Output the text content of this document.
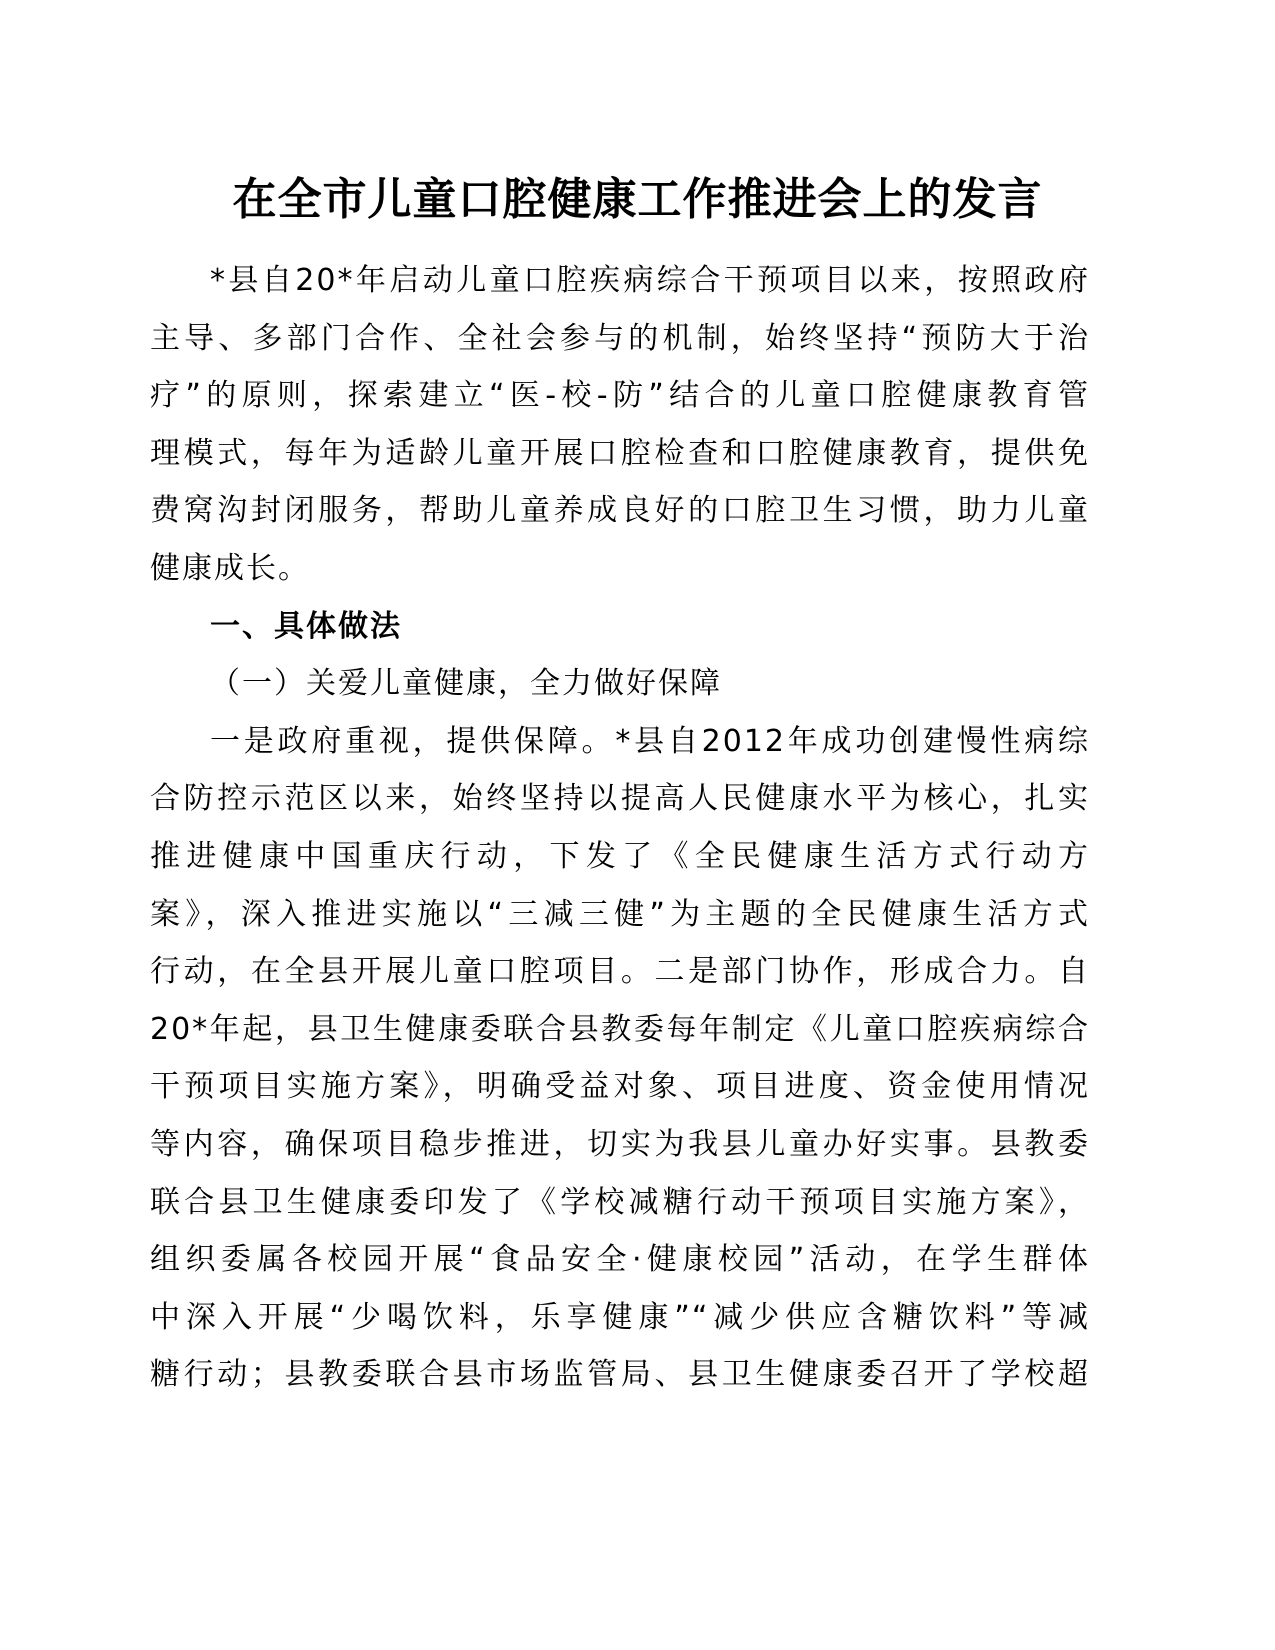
在全市儿童口腔健康工作推进会上的发言

*县自20*年启动儿童口腔疾病综合干预项目以来，按照政府
主导、多部门合作、全社会参与的机制，始终坚持“预防大于治
疗”的原则，探索建立“医-校-防”结合的儿童口腔健康教育管
理模式，每年为适龄儿童开展口腔检查和口腔健康教育，提供免
费窝沟封闭服务，帮助儿童养成良好的口腔卫生习惯，助力儿童
健康成长。

一、具体做法

（一）关爱儿童健康，全力做好保障

一是政府重视，提供保障。*县自2012年成功创建慢性病综
合防控示范区以来，始终坚持以提高人民健康水平为核心，扎实
推进健康中国重庆行动，下发了《全民健康生活方式行动方
案》，深入推进实施以“三减三健”为主题的全民健康生活方式
行动，在全县开展儿童口腔项目。二是部门协作，形成合力。自
20*年起，县卫生健康委联合县教委每年制定《儿童口腔疾病综合
干预项目实施方案》，明确受益对象、项目进度、资金使用情况
等内容，确保项目稳步推进，切实为我县儿童办好实事。县教委
联合县卫生健康委印发了《学校减糖行动干预项目实施方案》，
组织委属各校园开展“食品安全·健康校园”活动，在学生群体
中深入开展“少喝饮料，乐享健康”“减少供应含糖饮料”等减
糖行动；县教委联合县市场监管局、县卫生健康委召开了学校超
